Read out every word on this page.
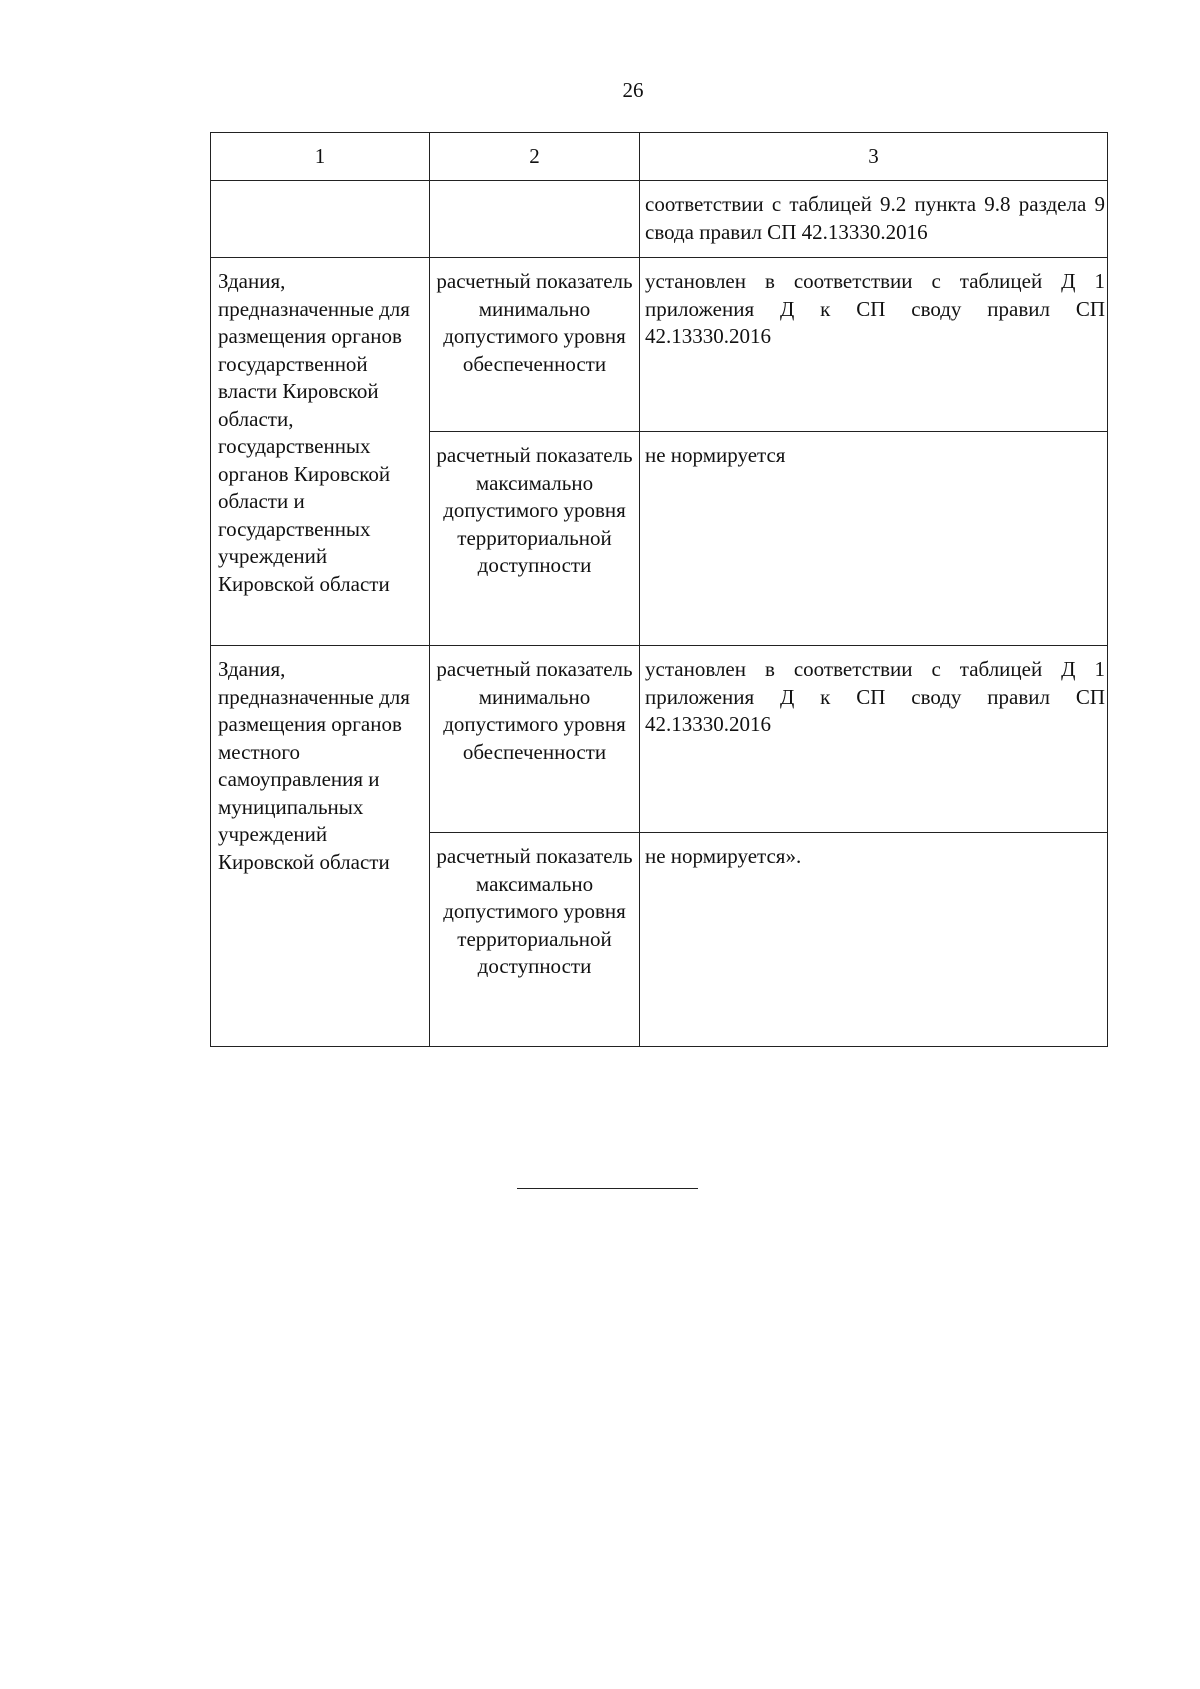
26
1	2	3
		соответствии с таблицей 9.2 пункта 9.8 раздела 9 свода правил СП 42.13330.2016
Здания, предназначенные для размещения органов государственной власти Кировской области, государственных органов Кировской области и государственных учреждений Кировской области	расчетный показатель минимально допустимого уровня обеспеченности	установлен в соответствии с таблицей Д 1 приложения Д к СП своду правил СП 42.13330.2016
	расчетный показатель максимально допустимого уровня территориальной доступности	не нормируется
Здания, предназначенные для размещения органов местного самоуправления и муниципальных учреждений Кировской области	расчетный показатель минимально допустимого уровня обеспеченности	установлен в соответствии с таблицей Д 1 приложения Д к СП своду правил СП 42.13330.2016
	расчетный показатель максимально допустимого уровня территориальной доступности	не нормируется».
